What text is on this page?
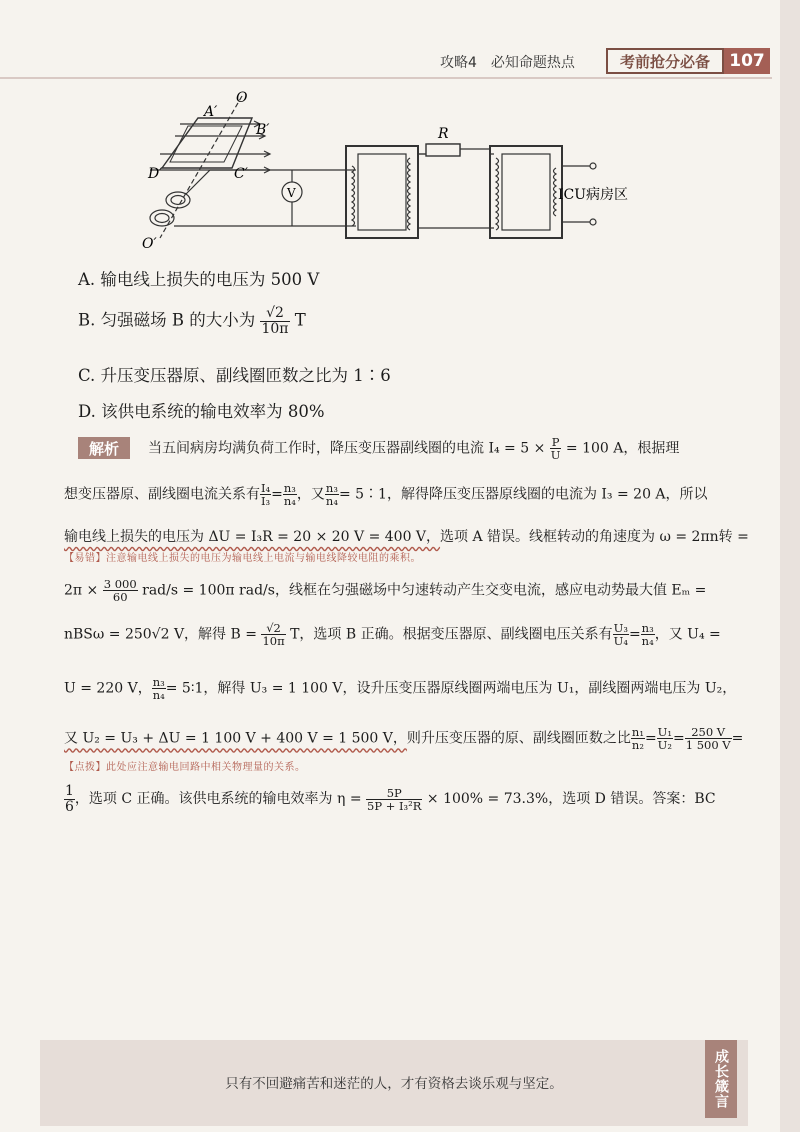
攻略4　必知命题热点	考前抢分必备	107
O
O′
A′
B′
C′
D′
R
V	ICU病房区
A. 输电线上损失的电压为 500 V
B. 匀强磁场 B 的大小为 $\frac{√2}{10\pi}$ T
C. 升压变压器原、副线圈匝数之比为 1∶6
D. 该供电系统的输电效率为 80%
解析	当五间病房均满负荷工作时，降压变压器副线圈的电流 $I_4 = 5 \times \frac{P}{U} = 100$ A，根据理
想变压器原、副线圈电流关系有 $\frac{\text{I₄}}{\text{I₃}} = \frac{\text{n₃}}{\text{n₄}}$ ，又 $\frac{\text{n₃}}{\text{n₄}}$ = 5∶1，解得降压变压器原线圈的电流为 I₃ = 20 A，所以
输电线上损失的电压为 ΔU = I₃R = 20 × 20 V = 400 V，选项 A 错误。线框转动的角速度为 ω = 2πn转 =
【易错】注意输电线上损失的电压为输电线上电流与输电线降较电阻的乘积。
$2\pi \times \frac{3 000}{60} rad/s = 100\pi$ rad/s，线框在匀强磁场中匀速转动产生交变电流，感应电动势最大值 Eₘ =
nBSω = 250√2 V，解得 $B = \frac{√2}{10\pi}$ T，选项 B 正确。根据变压器原、副线圈电压关系有 $\frac{\text{U₃}}{\text{U₄}} = \frac{\text{n₃}}{\text{n₄}}$ ，又 U₄ =
U = 220 V， $\frac{\text{n₃}}{\text{n₄}}$ = 5∶1，解得 U₃ = 1 100 V，设升压变压器原线圈两端电压为 U₁，副线圈两端电压为 U₂，
又 U₂ = U₃ + ΔU = 1 100 V + 400 V = 1 500 V，则升压变压器的原、副线圈匝数之比 $\frac{\text{n₁}}{\text{n₂}} = \frac{\text{U₁}}{\text{U₂}} = \frac{250 V}{1 500 V}$ =
【点拨】此处应注意输电回路中相关物理量的关系。
$\frac{1}{6}$ ，选项 C 正确。该供电系统的输电效率为 $\eta = \frac{5P}{\text{5P + I₃²R}} \times 100\% = 73.3\%$，选项 D 错误。答案：BC
只有不回避痛苦和迷茫的人，才有资格去谈乐观与坚定。	成长箴言
